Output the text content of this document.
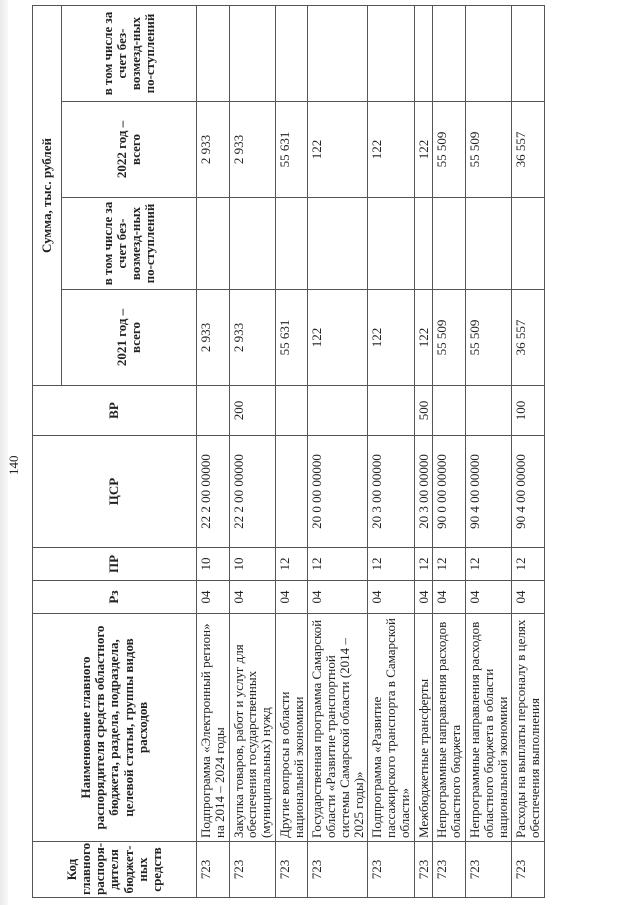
140
Код главного распоря-дителя бюджет-ных средств	Наименование главного распорядителя средств областного бюджета, раздела, подраздела, целевой статьи, группы видов расходов	Рз	ПР	ЦСР	ВР	Сумма, тыс. рублей			
						2021 год – всего	в том числе за счет без-возмезд-ных по-ступлений	2022 год – всего	в том числе за счет без-возмезд-ных по-ступлений
723	Подпрограмма «Электронный регион» на 2014 – 2024 годы	04	10	22 2 00 00000		2 933		2 933	
723	Закупка товаров, работ и услуг для обеспечения государственных (муниципальных) нужд	04	10	22 2 00 00000	200	2 933		2 933	
723	Другие вопросы в области национальной экономики	04	12			55 631		55 631	
723	Государственная программа Самарской области «Развитие транспортной системы Самарской области (2014 – 2025 годы)»	04	12	20 0 00 00000		122		122	
723	Подпрограмма «Развитие пассажирского транспорта в Самарской области»	04	12	20 3 00 00000		122		122	
723	Межбюджетные трансферты	04	12	20 3 00 00000	500	122		122	
723	Непрограммные направления расходов областного бюджета	04	12	90 0 00 00000		55 509		55 509	
723	Непрограммные направления расходов областного бюджета в области национальной экономики	04	12	90 4 00 00000		55 509		55 509	
723	Расходы на выплаты персоналу в целях обеспечения выполнения	04	12	90 4 00 00000	100	36 557		36 557	
